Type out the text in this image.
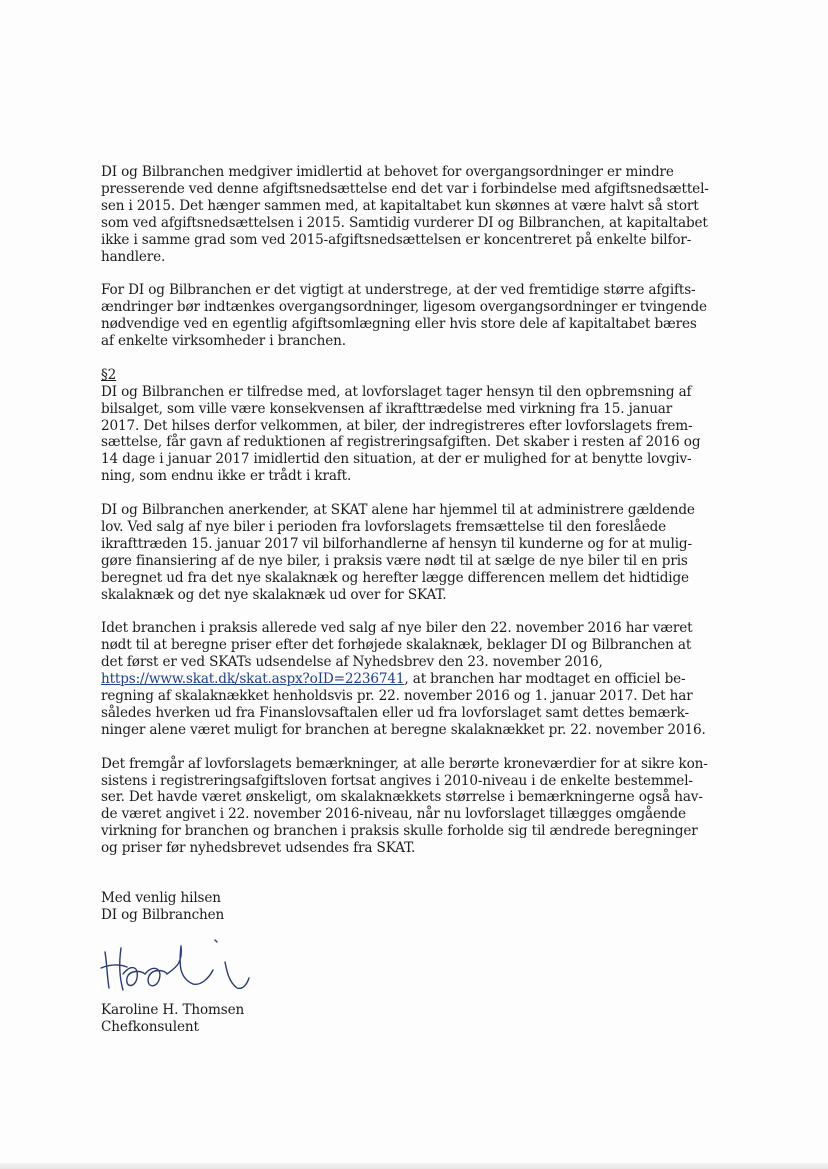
DI og Bilbranchen medgiver imidlertid at behovet for overgangsordninger er mindre
presserende ved denne afgiftsnedsættelse end det var i forbindelse med afgiftsnedsættel-
sen i 2015. Det hænger sammen med, at kapitaltabet kun skønnes at være halvt så stort
som ved afgiftsnedsættelsen i 2015. Samtidig vurderer DI og Bilbranchen, at kapitaltabet
ikke i samme grad som ved 2015-afgiftsnedsættelsen er koncentreret på enkelte bilfor-
handlere.
For DI og Bilbranchen er det vigtigt at understrege, at der ved fremtidige større afgifts-
ændringer bør indtænkes overgangsordninger, ligesom overgangsordninger er tvingende
nødvendige ved en egentlig afgiftsomlægning eller hvis store dele af kapitaltabet bæres
af enkelte virksomheder i branchen.
§2
DI og Bilbranchen er tilfredse med, at lovforslaget tager hensyn til den opbremsning af
bilsalget, som ville være konsekvensen af ikrafttrædelse med virkning fra 15. januar
2017. Det hilses derfor velkommen, at biler, der indregistreres efter lovforslagets frem-
sættelse, får gavn af reduktionen af registreringsafgiften. Det skaber i resten af 2016 og
14 dage i januar 2017 imidlertid den situation, at der er mulighed for at benytte lovgiv-
ning, som endnu ikke er trådt i kraft.
DI og Bilbranchen anerkender, at SKAT alene har hjemmel til at administrere gældende
lov. Ved salg af nye biler i perioden fra lovforslagets fremsættelse til den foreslåede
ikrafttræden 15. januar 2017 vil bilforhandlerne af hensyn til kunderne og for at mulig-
gøre finansiering af de nye biler, i praksis være nødt til at sælge de nye biler til en pris
beregnet ud fra det nye skalaknæk og herefter lægge differencen mellem det hidtidige
skalaknæk og det nye skalaknæk ud over for SKAT.
Idet branchen i praksis allerede ved salg af nye biler den 22. november 2016 har været
nødt til at beregne priser efter det forhøjede skalaknæk, beklager DI og Bilbranchen at
det først er ved SKATs udsendelse af Nyhedsbrev den 23. november 2016,
https://www.skat.dk/skat.aspx?oID=2236741, at branchen har modtaget en officiel be-
regning af skalaknækket henholdsvis pr. 22. november 2016 og 1. januar 2017. Det har
således hverken ud fra Finanslovsaftalen eller ud fra lovforslaget samt dettes bemærk-
ninger alene været muligt for branchen at beregne skalaknækket pr. 22. november 2016.
Det fremgår af lovforslagets bemærkninger, at alle berørte kroneværdier for at sikre kon-
sistens i registreringsafgiftsloven fortsat angives i 2010-niveau i de enkelte bestemmel-
ser. Det havde været ønskeligt, om skalaknækkets størrelse i bemærkningerne også hav-
de været angivet i 22. november 2016-niveau, når nu lovforslaget tillægges omgående
virkning for branchen og branchen i praksis skulle forholde sig til ændrede beregninger
og priser før nyhedsbrevet udsendes fra SKAT.
Med venlig hilsen
DI og Bilbranchen
Karoline H. Thomsen
Chefkonsulent
